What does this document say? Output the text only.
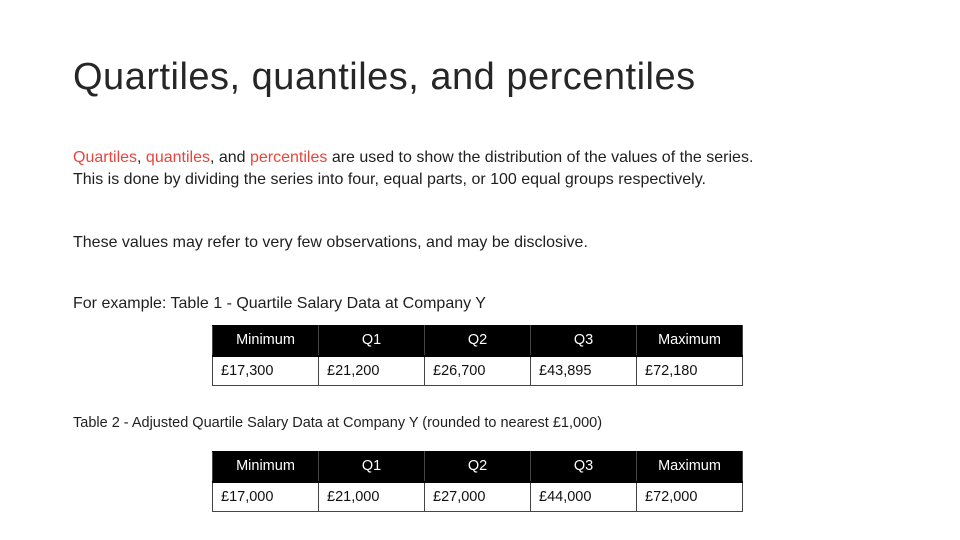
Quartiles, quantiles, and percentiles

Quartiles, quantiles, and percentiles are used to show the distribution of the values of the series.
This is done by dividing the series into four, equal parts, or 100 equal groups respectively.

These values may refer to very few observations, and may be disclosive.

For example: Table 1 - Quartile Salary Data at Company Y

Minimum	Q1	Q2	Q3	Maximum
£17,300	£21,200	£26,700	£43,895	£72,180

Table 2 - Adjusted Quartile Salary Data at Company Y (rounded to nearest £1,000)

Minimum	Q1	Q2	Q3	Maximum
£17,000	£21,000	£27,000	£44,000	£72,000
